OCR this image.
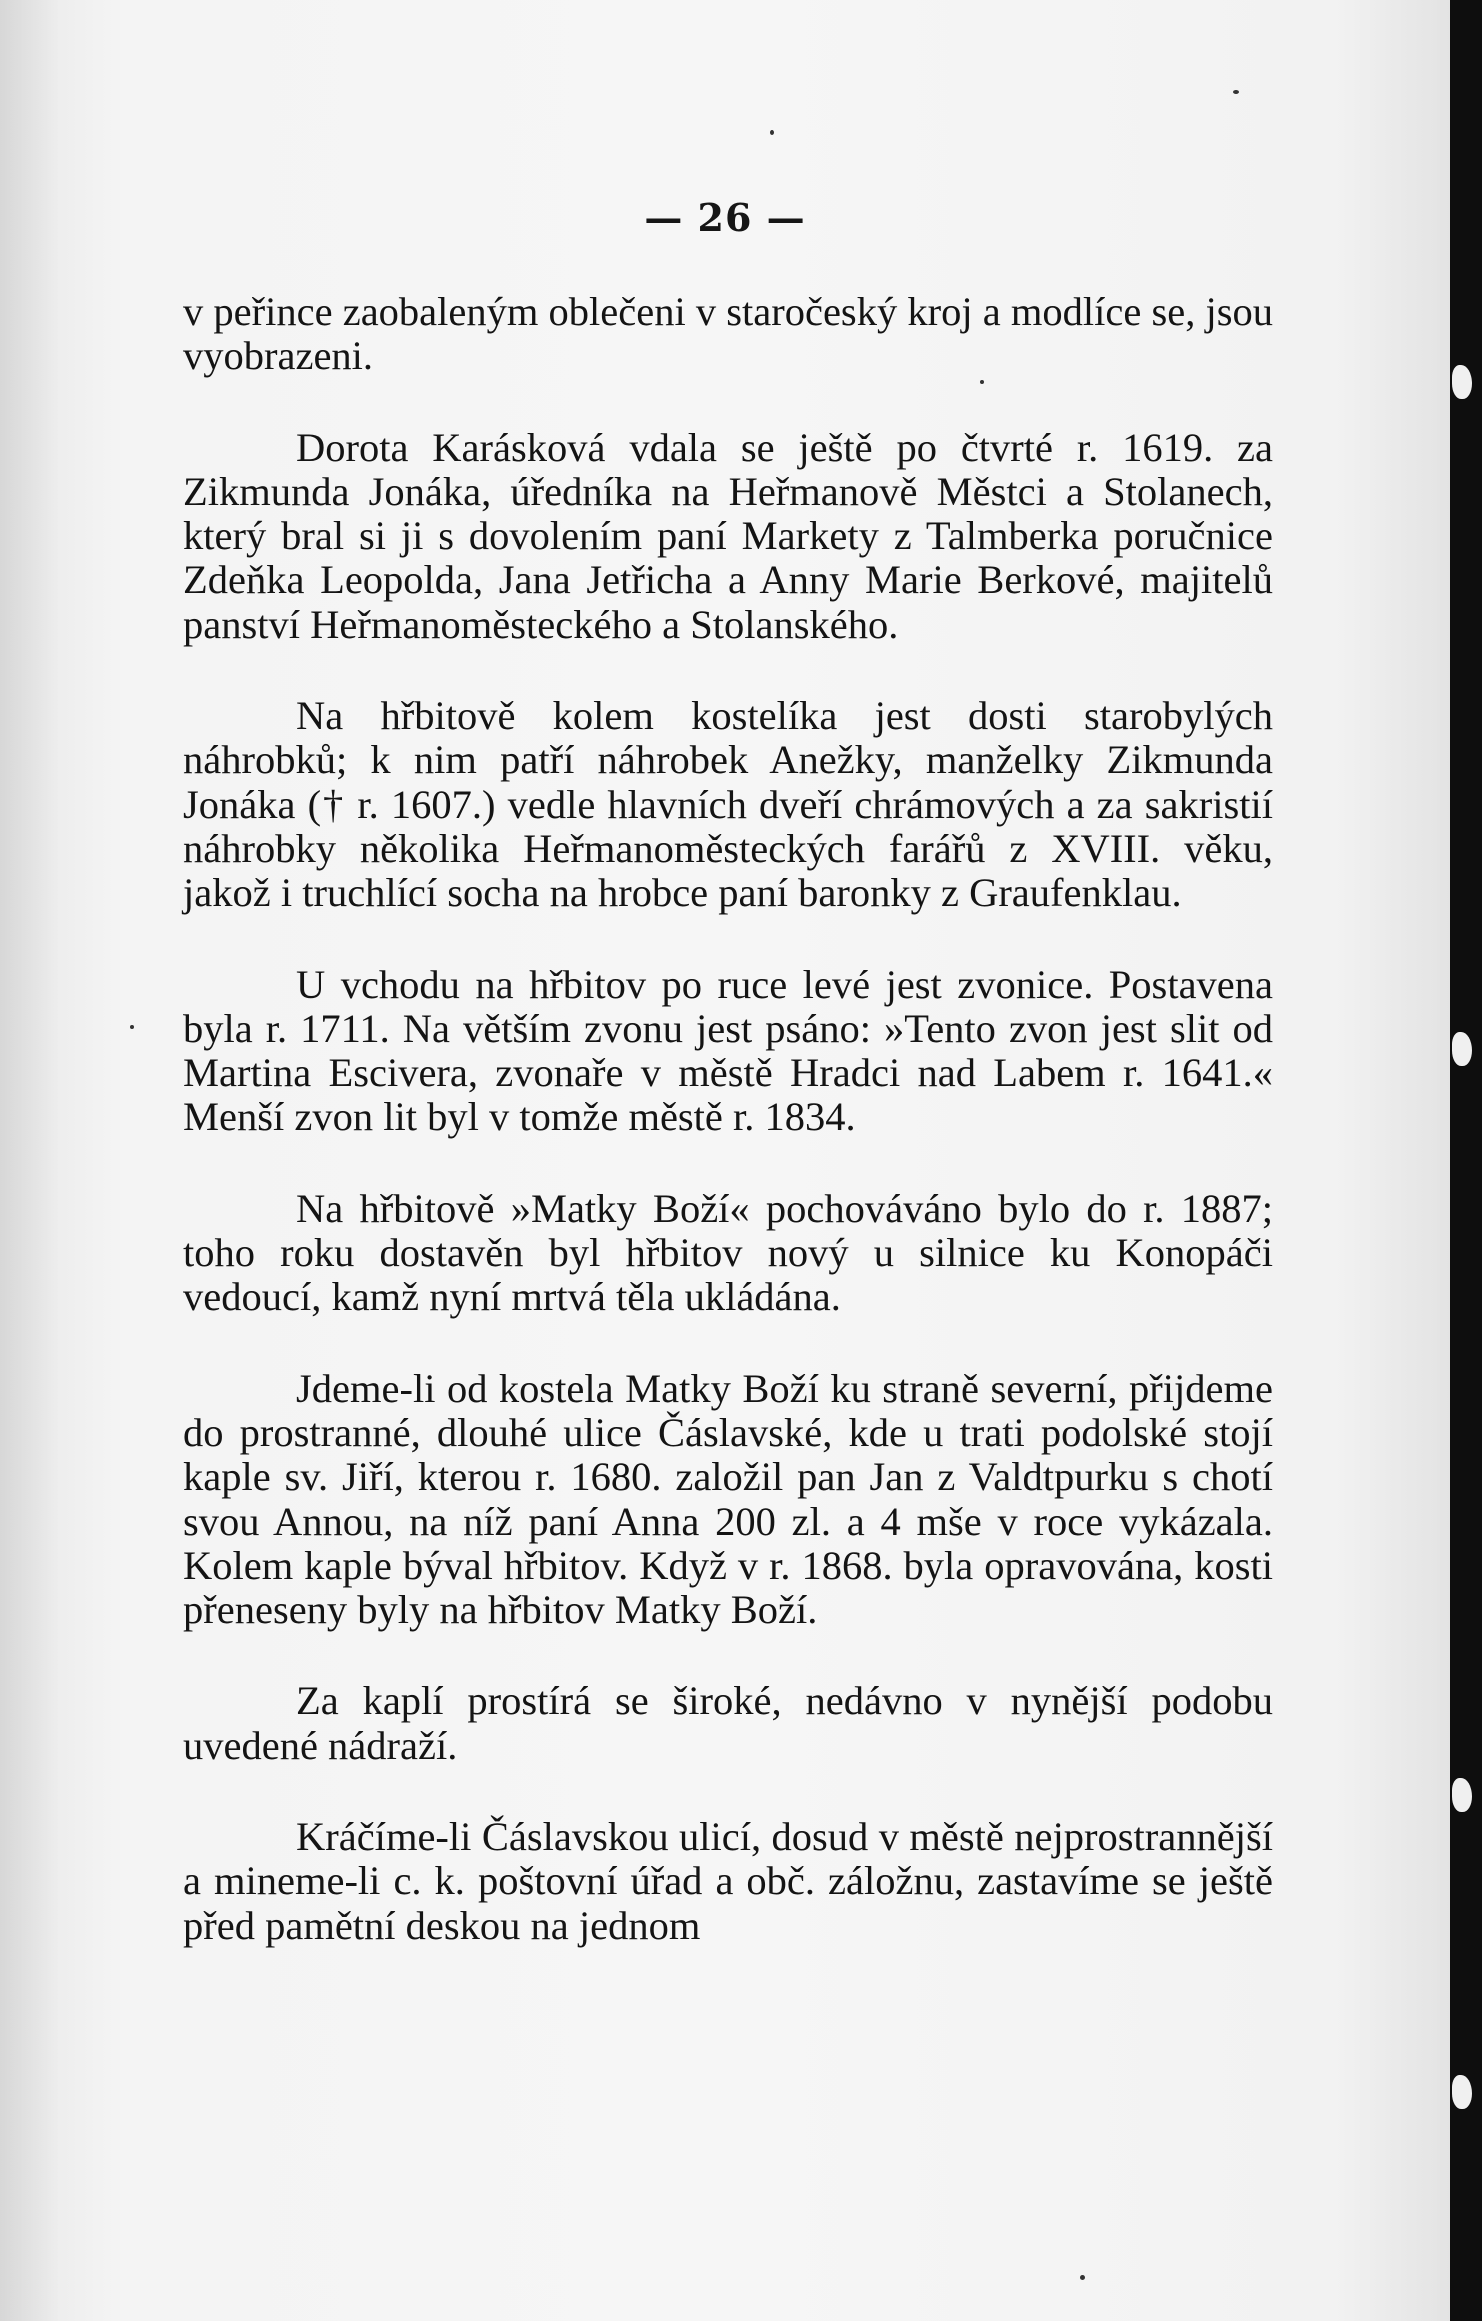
— 26 —

v peřince zaobaleným oblečeni v staročeský kroj a modlíce se, jsou vyobrazeni.

Dorota Karásková vdala se ještě po čtvrté r. 1619. za Zikmunda Jonáka, úředníka na Heřmanově Městci a Stolanech, který bral si ji s dovolením paní Markety z Talmberka poručnice Zdeňka Leopolda, Jana Jetřicha a Anny Marie Berkové, majitelů panství Heřmanoměsteckého a Stolanského.

Na hřbitově kolem kostelíka jest dosti starobylých náhrobků; k nim patří náhrobek Anežky, manželky Zikmunda Jonáka († r. 1607.) vedle hlavních dveří chrámových a za sakristií náhrobky několika Heřmanoměsteckých farářů z XVIII. věku, jakož i truchlící socha na hrobce paní baronky z Graufenklau.

U vchodu na hřbitov po ruce levé jest zvonice. Postavena byla r. 1711. Na větším zvonu jest psáno: »Tento zvon jest slit od Martina Escivera, zvonaře v městě Hradci nad Labem r. 1641.« Menší zvon lit byl v tomže městě r. 1834.

Na hřbitově »Matky Boží« pochováváno bylo do r. 1887; toho roku dostavěn byl hřbitov nový u silnice ku Konopáči vedoucí, kamž nyní mrtvá těla ukládána.

Jdeme-li od kostela Matky Boží ku straně severní, přijdeme do prostranné, dlouhé ulice Čáslavské, kde u trati podolské stojí kaple sv. Jiří, kterou r. 1680. založil pan Jan z Valdtpurku s chotí svou Annou, na níž paní Anna 200 zl. a 4 mše v roce vykázala. Kolem kaple býval hřbitov. Když v r. 1868. byla opravována, kosti přeneseny byly na hřbitov Matky Boží.

Za kaplí prostírá se široké, nedávno v nynější podobu uvedené nádraží.

Kráčíme-li Čáslavskou ulicí, dosud v městě nejprostrannější a mineme-li c. k. poštovní úřad a obč. záložnu, zastavíme se ještě před pamětní deskou na jednom
